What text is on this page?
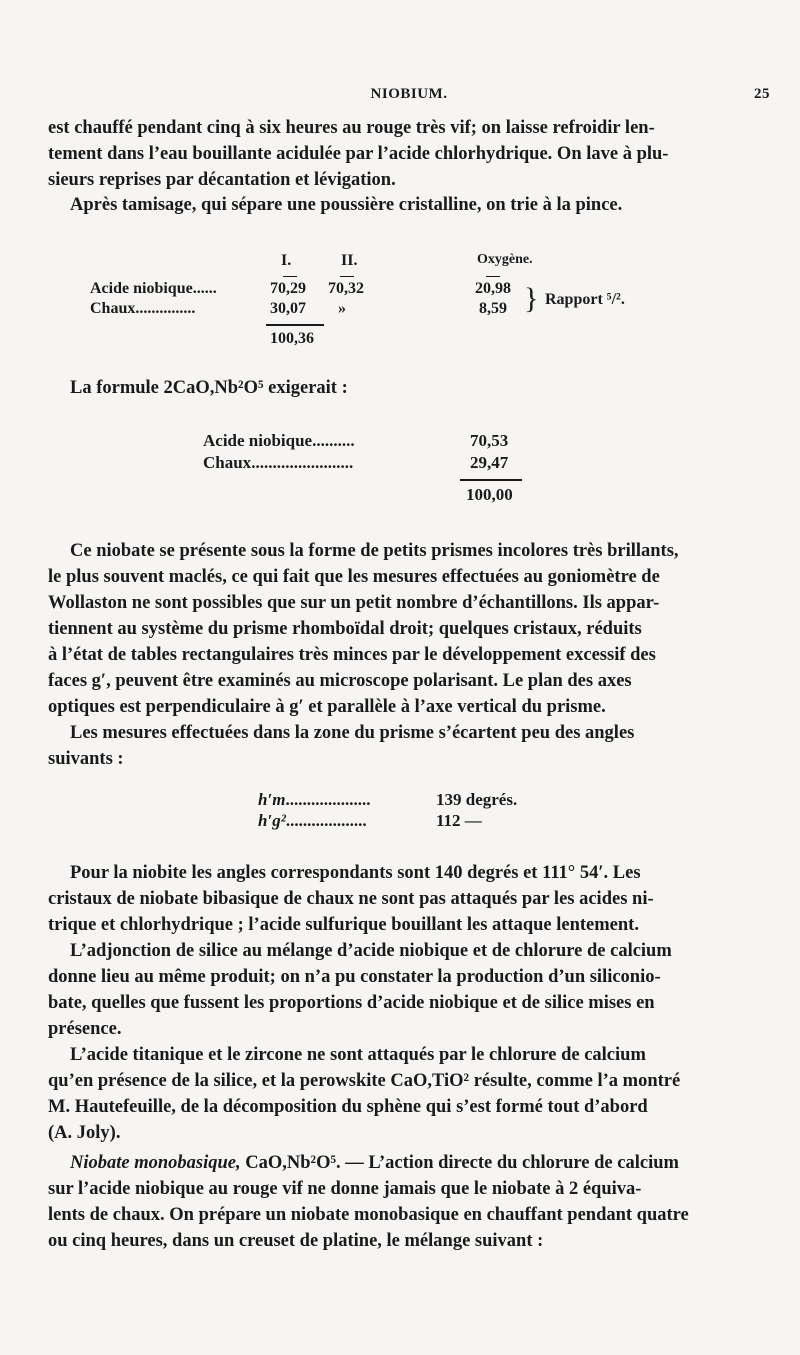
NIOBIUM.	25
est chauffé pendant cinq à six heures au rouge très vif; on laisse refroidir len-
tement dans l’eau bouillante acidulée par l’acide chlorhydrique. On lave à plu-
sieurs reprises par décantation et lévigation.
Après tamisage, qui sépare une poussière cristalline, on trie à la pince.
I.	II.	Oxygène.
Acide niobique......	70,29 70,32	20,98
Chaux...............	30,07 »	8,59 } Rapport ⁵/².
100,36
La formule 2CaO,Nb²O⁵ exigerait :
Acide niobique..........	70,53
Chaux........................	29,47
100,00
Ce niobate se présente sous la forme de petits prismes incolores très brillants,
le plus souvent maclés, ce qui fait que les mesures effectuées au goniomètre de
Wollaston ne sont possibles que sur un petit nombre d’échantillons. Ils appar-
tiennent au système du prisme rhomboïdal droit; quelques cristaux, réduits
à l’état de tables rectangulaires très minces par le développement excessif des
faces g′, peuvent être examinés au microscope polarisant. Le plan des axes
optiques est perpendiculaire à g′ et parallèle à l’axe vertical du prisme.
Les mesures effectuées dans la zone du prisme s’écartent peu des angles
suivants :
h′m....................	139 degrés.
h′g²...................	112 —
Pour la niobite les angles correspondants sont 140 degrés et 111° 54′. Les
cristaux de niobate bibasique de chaux ne sont pas attaqués par les acides ni-
trique et chlorhydrique ; l’acide sulfurique bouillant les attaque lentement.
L’adjonction de silice au mélange d’acide niobique et de chlorure de calcium
donne lieu au même produit; on n’a pu constater la production d’un siliconio-
bate, quelles que fussent les proportions d’acide niobique et de silice mises en
présence.
L’acide titanique et le zircone ne sont attaqués par le chlorure de calcium
qu’en présence de la silice, et la perowskite CaO,TiO² résulte, comme l’a montré
M. Hautefeuille, de la décomposition du sphène qui s’est formé tout d’abord
(A. Joly).
Niobate monobasique, CaO,Nb²O⁵. — L’action directe du chlorure de calcium
sur l’acide niobique au rouge vif ne donne jamais que le niobate à 2 équiva-
lents de chaux. On prépare un niobate monobasique en chauffant pendant quatre
ou cinq heures, dans un creuset de platine, le mélange suivant :
